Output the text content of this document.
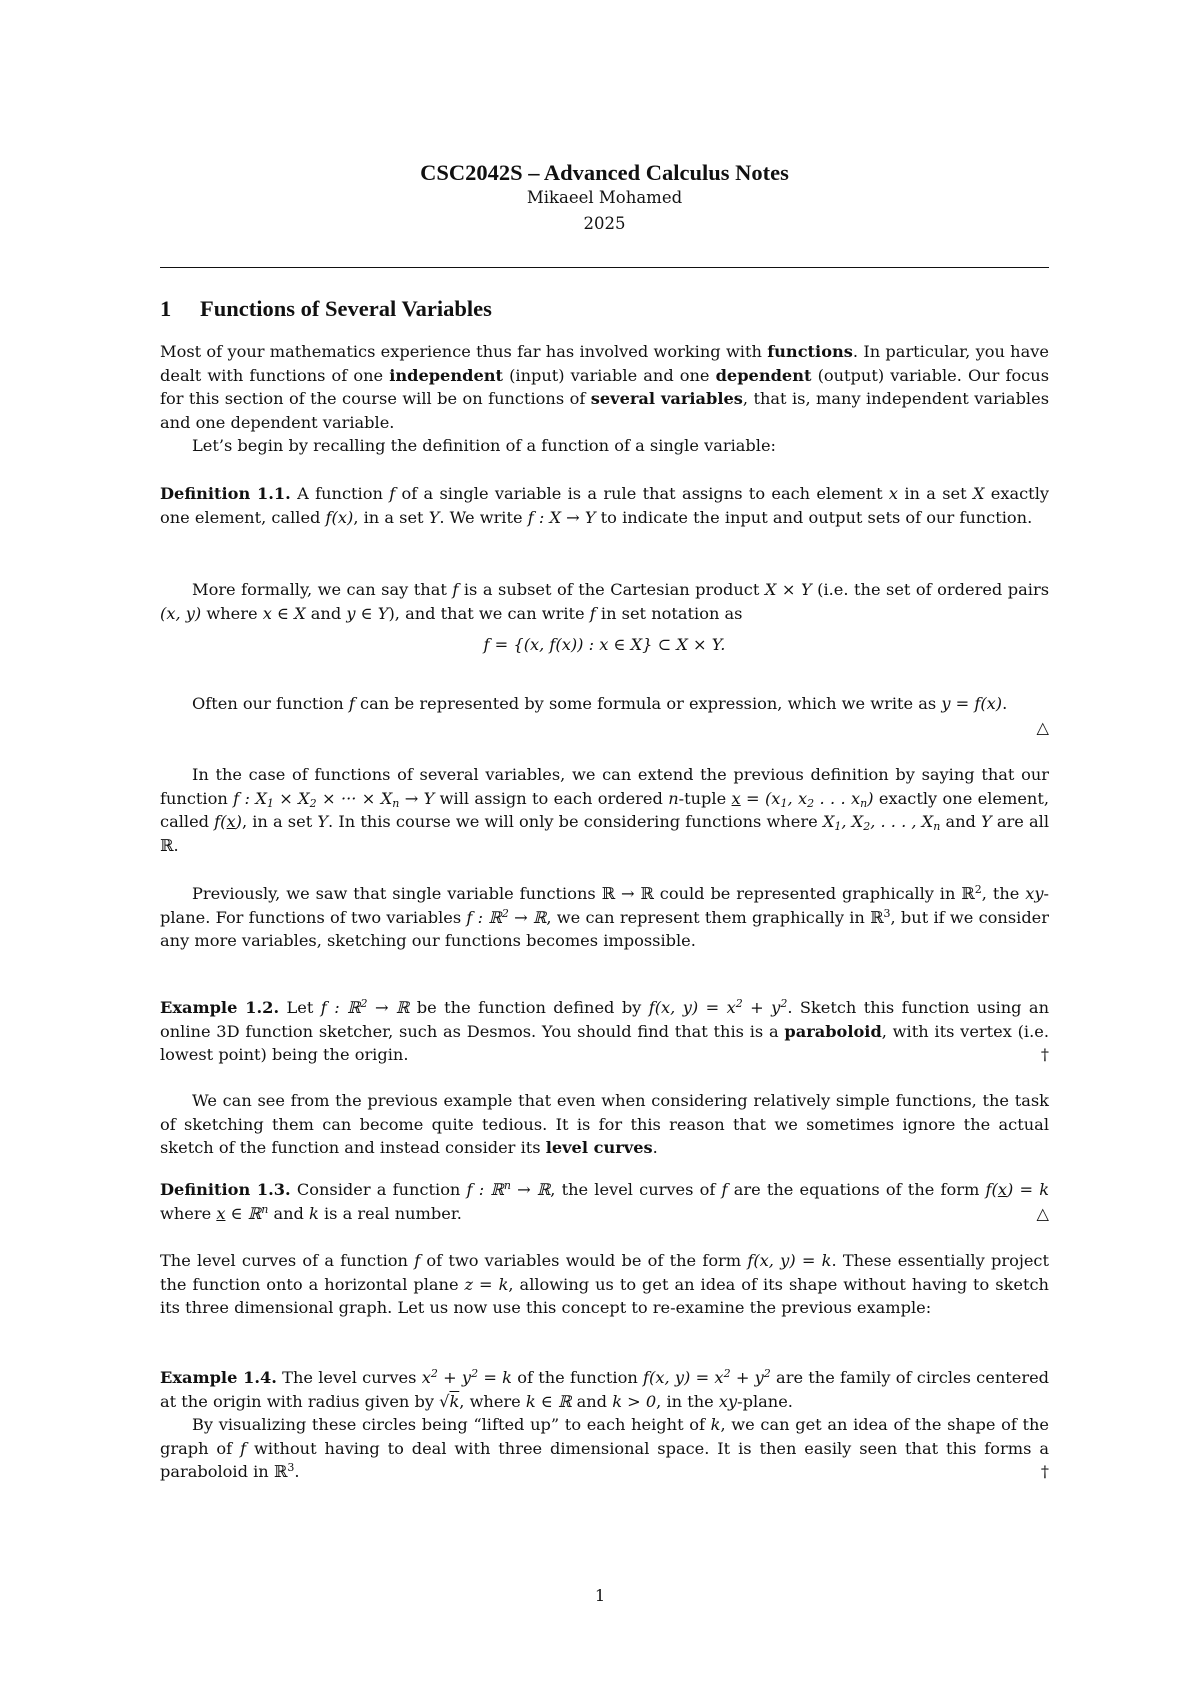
CSC2042S – Advanced Calculus Notes
Mikaeel Mohamed
2025
1 Functions of Several Variables

Most of your mathematics experience thus far has involved working with functions. In particular, you have dealt with functions of one independent (input) variable and one dependent (output) variable. Our focus for this section of the course will be on functions of several variables, that is, many independent variables and one dependent variable.

Let’s begin by recalling the definition of a function of a single variable:

Definition 1.1. A function f of a single variable is a rule that assigns to each element x in a set X exactly one element, called f(x), in a set Y. We write f : X → Y to indicate the input and output sets of our function.

More formally, we can say that f is a subset of the Cartesian product X × Y (i.e. the set of ordered pairs (x, y) where x ∈ X and y ∈ Y), and that we can write f in set notation as

f = {(x, f(x)) : x ∈ X} ⊂ X × Y.

Often our function f can be represented by some formula or expression, which we write as y = f(x).
△

In the case of functions of several variables, we can extend the previous definition by saying that our function f : $X_1 \times X_2$ × ··· × $X_n \to Y$ will assign to each ordered n-tuple $x = (x_1$, $x_2$ . . . $x_n$) exactly one element, called f(x), in a set Y. In this course we will only be considering functions where $X_1$, $X_2$, . . . , $X_n$ and Y are all ℝ.

Previously, we saw that single variable functions ℝ → ℝ could be represented graphically in ℝ$^2$, the xy-plane. For functions of two variables f : ℝ$^2$ → ℝ, we can represent them graphically in ℝ$^3$, but if we consider any more variables, sketching our functions becomes impossible.

Example 1.2. Let f : ℝ$^2$ → ℝ be the function defined by f(x, $y) = x^2 + y^2$. Sketch this function using an online 3D function sketcher, such as Desmos. You should find that this is a paraboloid, with its vertex (i.e. lowest point) being the origin.	†

We can see from the previous example that even when considering relatively simple functions, the task of sketching them can become quite tedious. It is for this reason that we sometimes ignore the actual sketch of the function and instead consider its level curves.

Definition 1.3. Consider a function f : ℝ$^n$ → ℝ, the level curves of f are the equations of the form f(x) = k where x ∈ ℝ$^n$ and k is a real number.	△

The level curves of a function f of two variables would be of the form f(x, y) = k. These essentially project the function onto a horizontal plane z = k, allowing us to get an idea of its shape without having to sketch its three dimensional graph. Let us now use this concept to re-examine the previous example:

Example 1.4. The level curves $x^2 + y^2 = k$ of the function f(x, $y) = x^2 + y^2$ are the family of circles centered at the origin with radius given by √k, where k ∈ ℝ and k > 0, in the xy-plane.

By visualizing these circles being “lifted up” to each height of k, we can get an idea of the shape of the graph of f without having to deal with three dimensional space. It is then easily seen that this forms a paraboloid in ℝ$^3$.	†

1
